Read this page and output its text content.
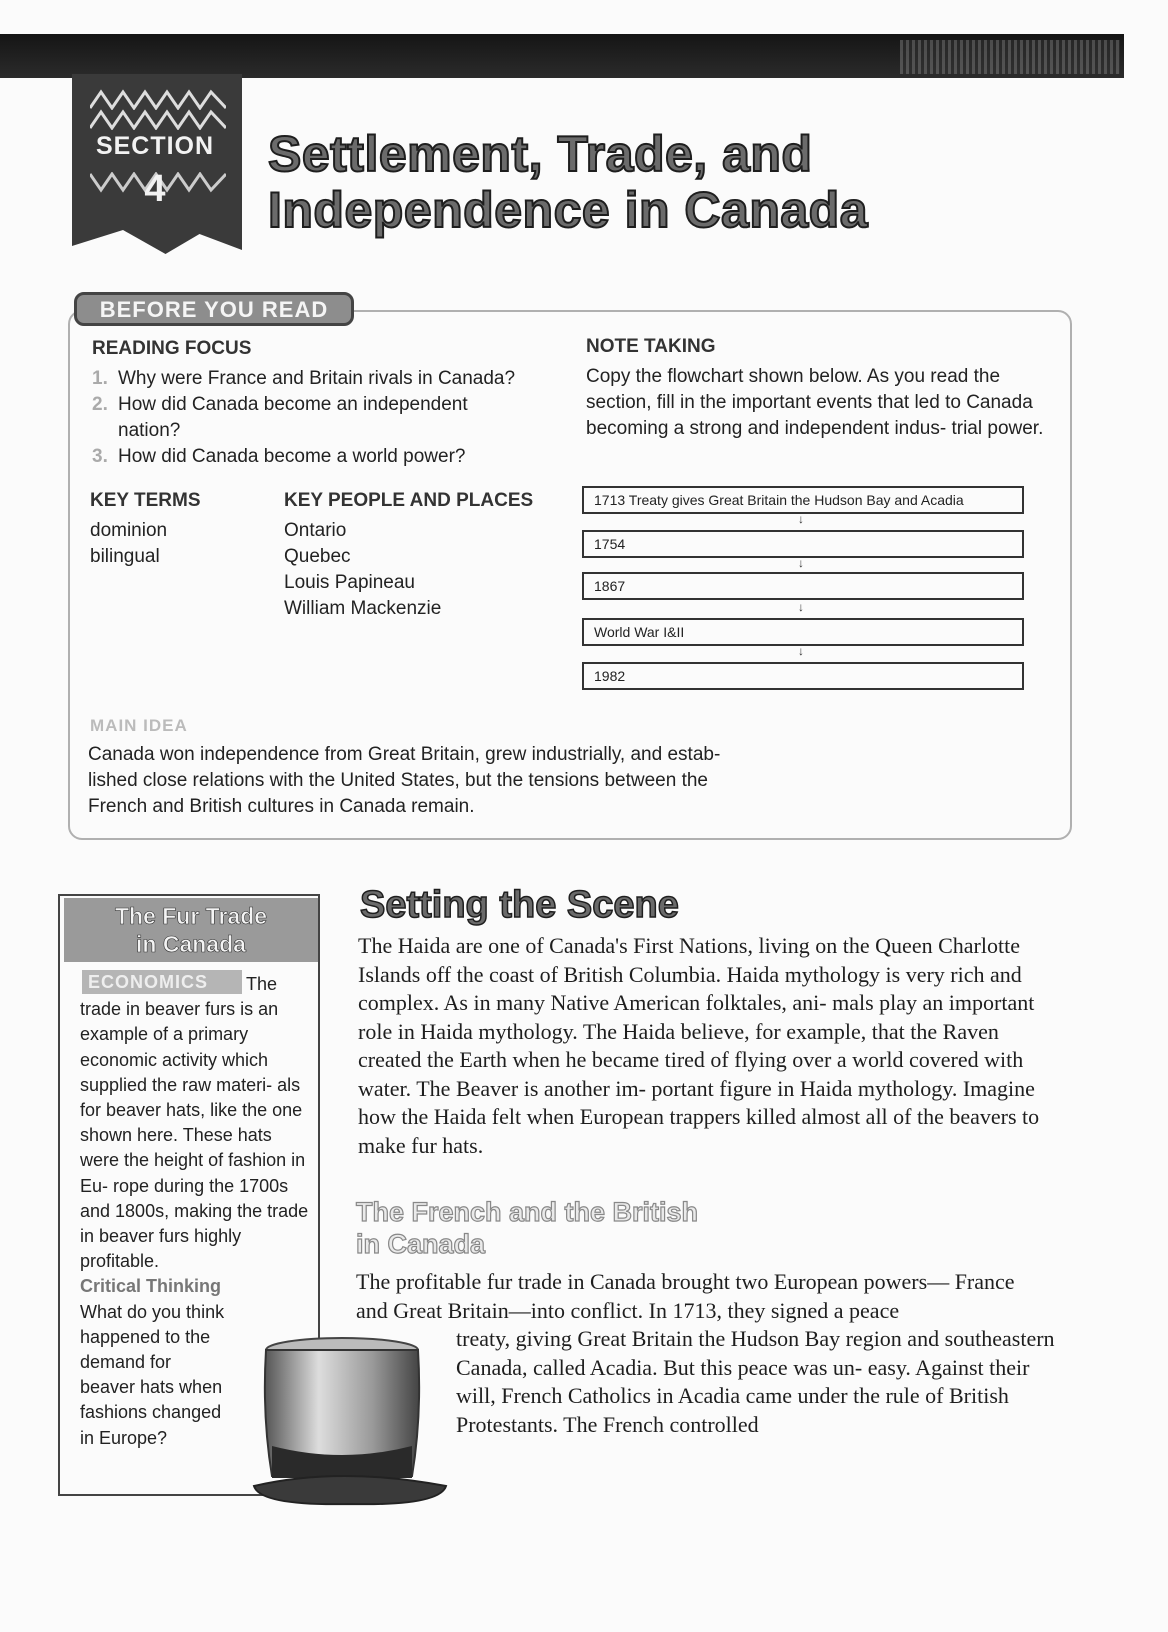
SECTION
4
Settlement, Trade, and
Independence in Canada
BEFORE YOU READ
READING FOCUS
1. Why were France and Britain rivals in Canada?
2. How did Canada become an independent nation?
3. How did Canada become a world power?
KEY TERMS
dominion
bilingual
KEY PEOPLE AND PLACES
Ontario
Quebec
Louis Papineau
William Mackenzie
NOTE TAKING
Copy the flowchart shown below. As you read the section, fill in the important events that led to Canada becoming a strong and independent indus- trial power.
1713 Treaty gives Great Britain the Hudson Bay and Acadia
↓
1754
↓
1867
↓
World War I&II
↓
1982
MAIN IDEA
Canada won independence from Great Britain, grew industrially, and estab- lished close relations with the United States, but the tensions between the French and British cultures in Canada remain.
The Fur Trade
in Canada
ECONOMICS	The
trade in beaver furs is an example of a primary economic activity which supplied the raw materi- als for beaver hats, like the one shown here. These hats were the height of fashion in Eu- rope during the 1700s and 1800s, making the trade in beaver furs highly profitable.
Critical Thinking
What do you think happened to the demand for beaver hats when fashions changed in Europe?
Setting the Scene
The Haida are one of Canada's First Nations, living on the Queen Charlotte Islands off the coast of British Columbia. Haida mythology is very rich and complex. As in many Native American folktales, ani- mals play an important role in Haida mythology. The Haida believe, for example, that the Raven created the Earth when he became tired of flying over a world covered with water. The Beaver is another im- portant figure in Haida mythology. Imagine how the Haida felt when European trappers killed almost all of the beavers to make fur hats.
The French and the British
in Canada
The profitable fur trade in Canada brought two European powers— France and Great Britain—into conflict. In 1713, they signed a peace
treaty, giving Great Britain the Hudson Bay region and southeastern Canada, called Acadia. But this peace was un- easy. Against their will, French Catholics in Acadia came under the rule of British Protestants. The French controlled
